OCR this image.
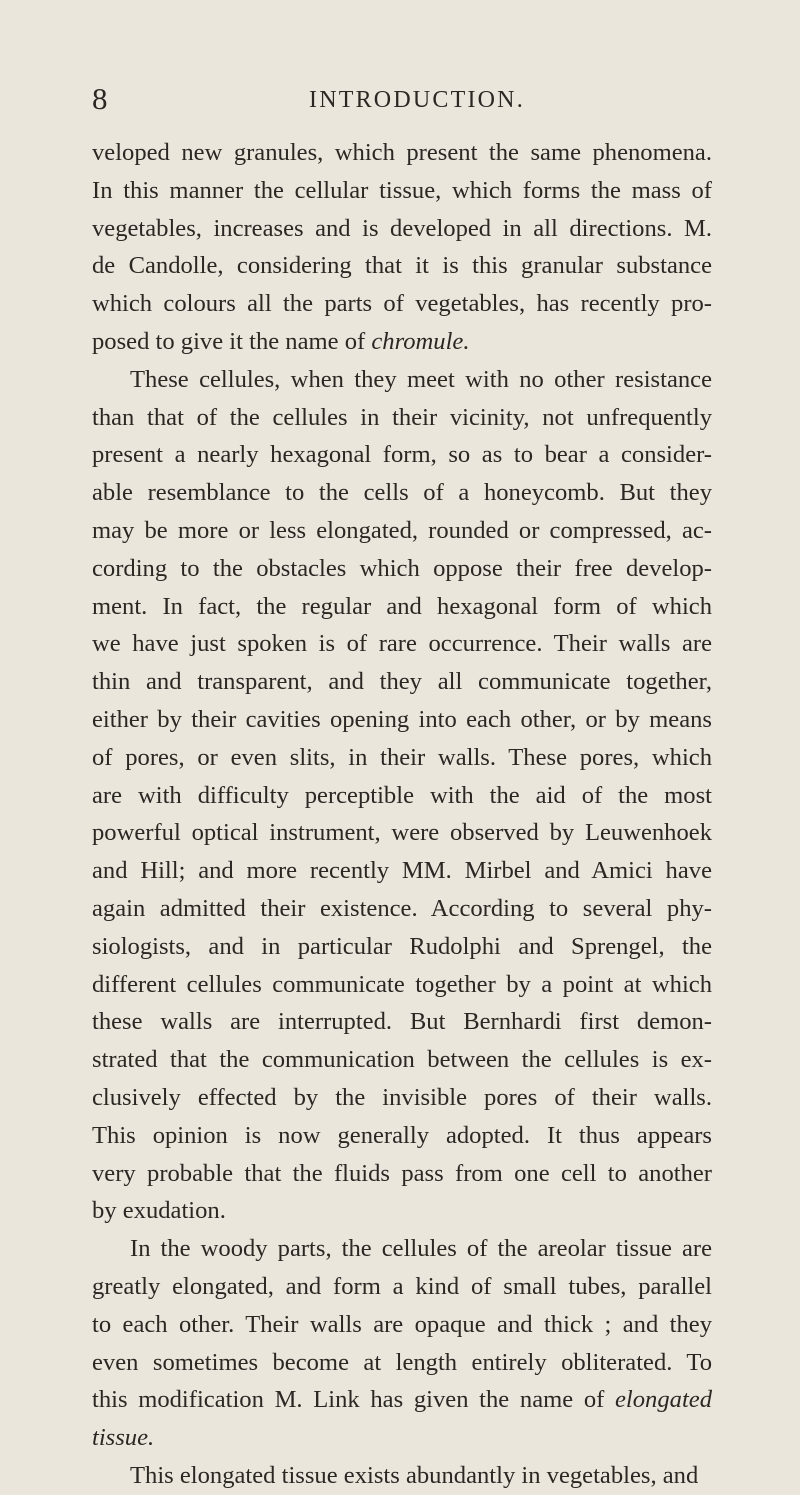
8	INTRODUCTION.
veloped new granules, which present the same phenomena.
In this manner the cellular tissue, which forms the mass of
vegetables, increases and is developed in all directions. M.
de Candolle, considering that it is this granular substance
which colours all the parts of vegetables, has recently pro-
posed to give it the name of chromule.
These cellules, when they meet with no other resistance
than that of the cellules in their vicinity, not unfrequently
present a nearly hexagonal form, so as to bear a consider-
able resemblance to the cells of a honeycomb. But they
may be more or less elongated, rounded or compressed, ac-
cording to the obstacles which oppose their free develop-
ment. In fact, the regular and hexagonal form of which
we have just spoken is of rare occurrence. Their walls are
thin and transparent, and they all communicate together,
either by their cavities opening into each other, or by means
of pores, or even slits, in their walls. These pores, which
are with difficulty perceptible with the aid of the most
powerful optical instrument, were observed by Leuwenhoek
and Hill; and more recently MM. Mirbel and Amici have
again admitted their existence. According to several phy-
siologists, and in particular Rudolphi and Sprengel, the
different cellules communicate together by a point at which
these walls are interrupted. But Bernhardi first demon-
strated that the communication between the cellules is ex-
clusively effected by the invisible pores of their walls.
This opinion is now generally adopted. It thus appears
very probable that the fluids pass from one cell to another
by exudation.
In the woody parts, the cellules of the areolar tissue are
greatly elongated, and form a kind of small tubes, parallel
to each other. Their walls are opaque and thick ; and they
even sometimes become at length entirely obliterated. To
this modification M. Link has given the name of elongated
tissue.
This elongated tissue exists abundantly in vegetables, and
